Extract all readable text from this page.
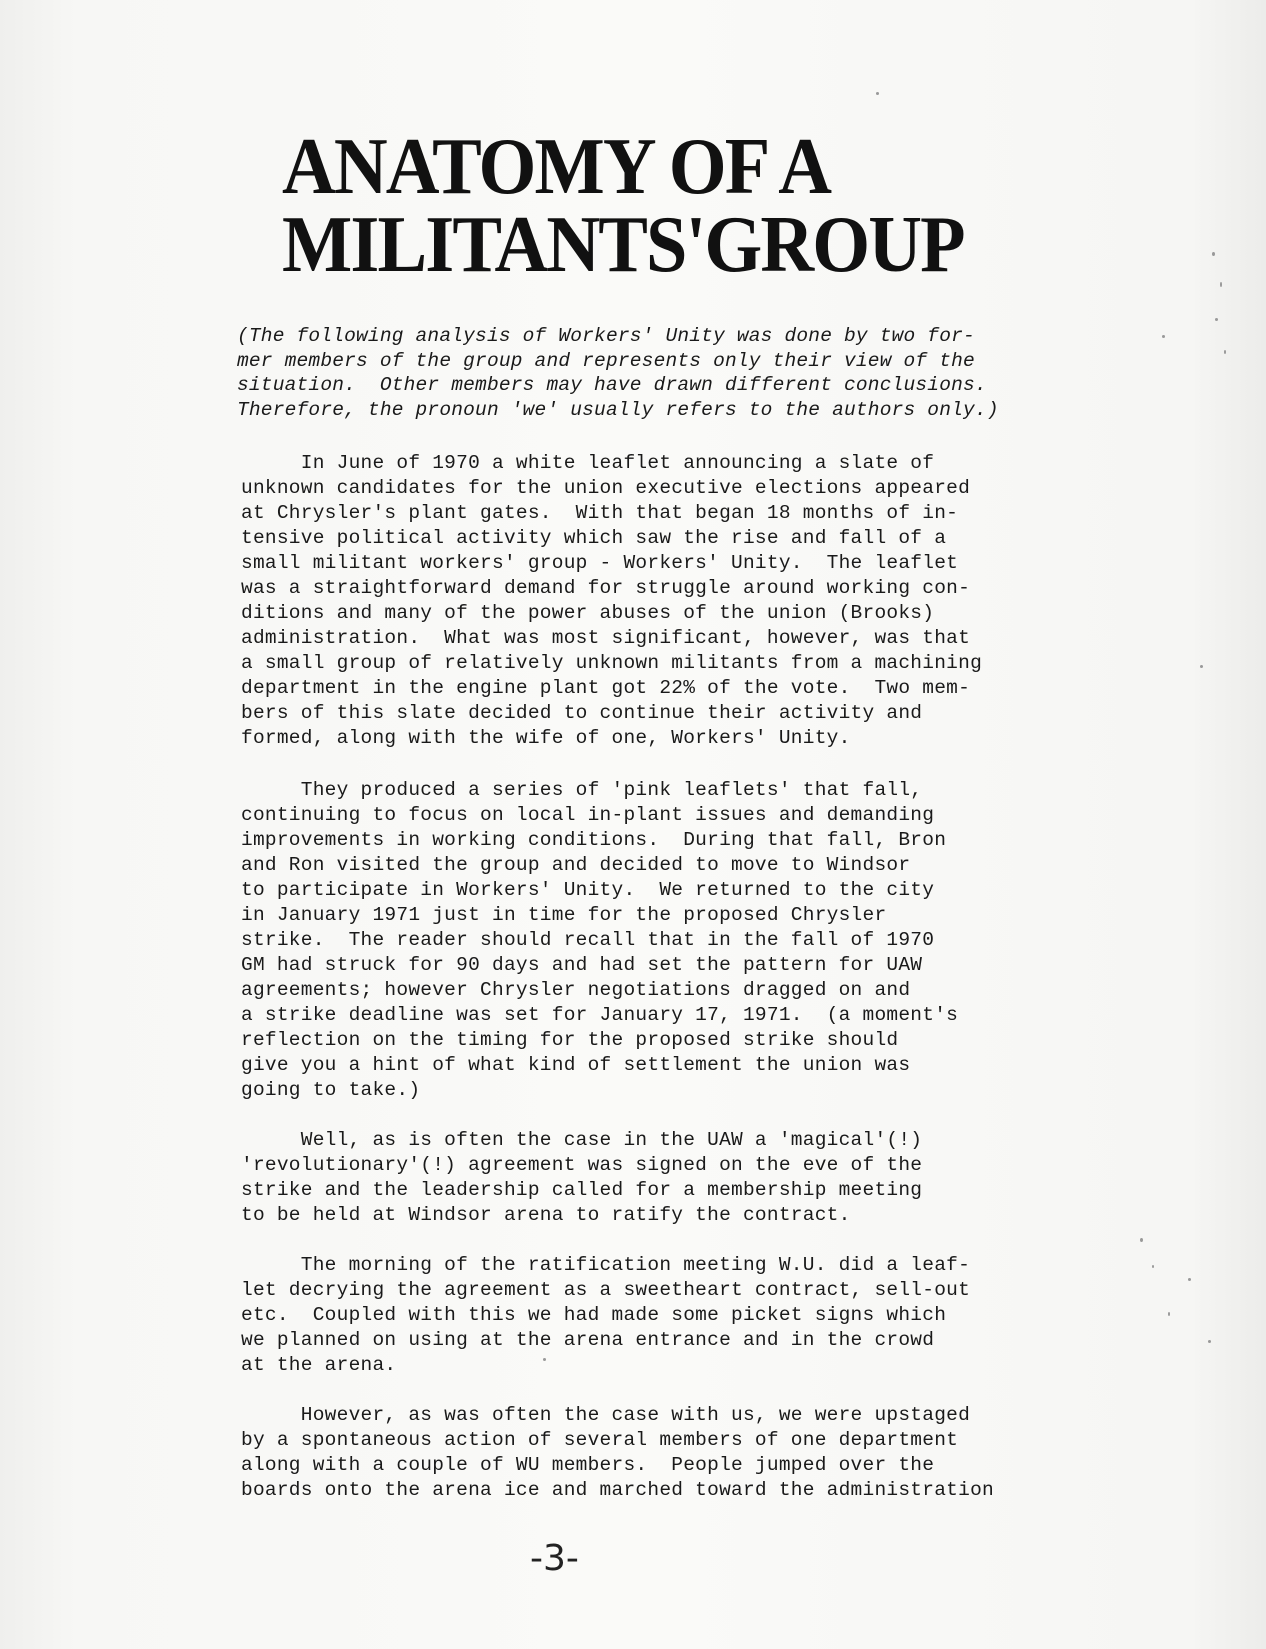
ANATOMY OF A
MILITANTS'GROUP

(The following analysis of Workers' Unity was done by two for-
mer members of the group and represents only their view of the
situation.  Other members may have drawn different conclusions.
Therefore, the pronoun 'we' usually refers to the authors only.)

In June of 1970 a white leaflet announcing a slate of
unknown candidates for the union executive elections appeared
at Chrysler's plant gates.  With that began 18 months of in-
tensive political activity which saw the rise and fall of a
small militant workers' group - Workers' Unity.  The leaflet
was a straightforward demand for struggle around working con-
ditions and many of the power abuses of the union (Brooks)
administration.  What was most significant, however, was that
a small group of relatively unknown militants from a machining
department in the engine plant got 22% of the vote.  Two mem-
bers of this slate decided to continue their activity and
formed, along with the wife of one, Workers' Unity.

They produced a series of 'pink leaflets' that fall,
continuing to focus on local in-plant issues and demanding
improvements in working conditions.  During that fall, Bron
and Ron visited the group and decided to move to Windsor
to participate in Workers' Unity.  We returned to the city
in January 1971 just in time for the proposed Chrysler
strike.  The reader should recall that in the fall of 1970
GM had struck for 90 days and had set the pattern for UAW
agreements; however Chrysler negotiations dragged on and
a strike deadline was set for January 17, 1971.  (a moment's
reflection on the timing for the proposed strike should
give you a hint of what kind of settlement the union was
going to take.)

Well, as is often the case in the UAW a 'magical'(!)
'revolutionary'(!) agreement was signed on the eve of the
strike and the leadership called for a membership meeting
to be held at Windsor arena to ratify the contract.

The morning of the ratification meeting W.U. did a leaf-
let decrying the agreement as a sweetheart contract, sell-out
etc.  Coupled with this we had made some picket signs which
we planned on using at the arena entrance and in the crowd
at the arena.

However, as was often the case with us, we were upstaged
by a spontaneous action of several members of one department
along with a couple of WU members.  People jumped over the
boards onto the arena ice and marched toward the administration

-3-
